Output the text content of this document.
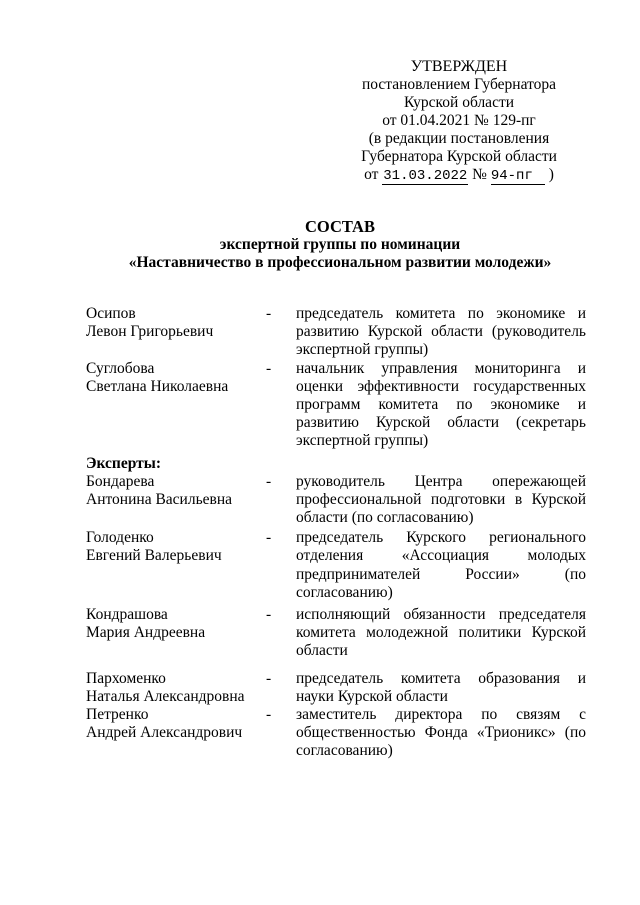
УТВЕРЖДЕН
постановлением Губернатора
Курской области
от 01.04.2021 № 129-пг
(в редакции постановления
Губернатора Курской области
от 31.03.2022 № 94-пг )
СОСТАВ
экспертной группы по номинации
«Наставничество в профессиональном развитии молодежи»
Осипов
Левон Григорьевич
-	председатель комитета по экономике и развитию Курской области (руководитель экспертной группы)
Суглобова
Светлана Николаевна
-	начальник управления мониторинга и оценки эффективности государственных программ комитета по экономике и развитию Курской области (секретарь экспертной группы)
Эксперты:
Бондарева
Антонина Васильевна
-	руководитель Центра опережающей профессиональной подготовки в Курской области (по согласованию)
Голоденко
Евгений Валерьевич
-	председатель Курского регионального отделения «Ассоциация молодых предпринимателей России» (по согласованию)
Кондрашова
Мария Андреевна
-	исполняющий обязанности председателя комитета молодежной политики Курской области
Пархоменко
Наталья Александровна
-	председатель комитета образования и науки Курской области
Петренко
Андрей Александрович
-	заместитель директора по связям с общественностью Фонда «Трионикс» (по согласованию)
